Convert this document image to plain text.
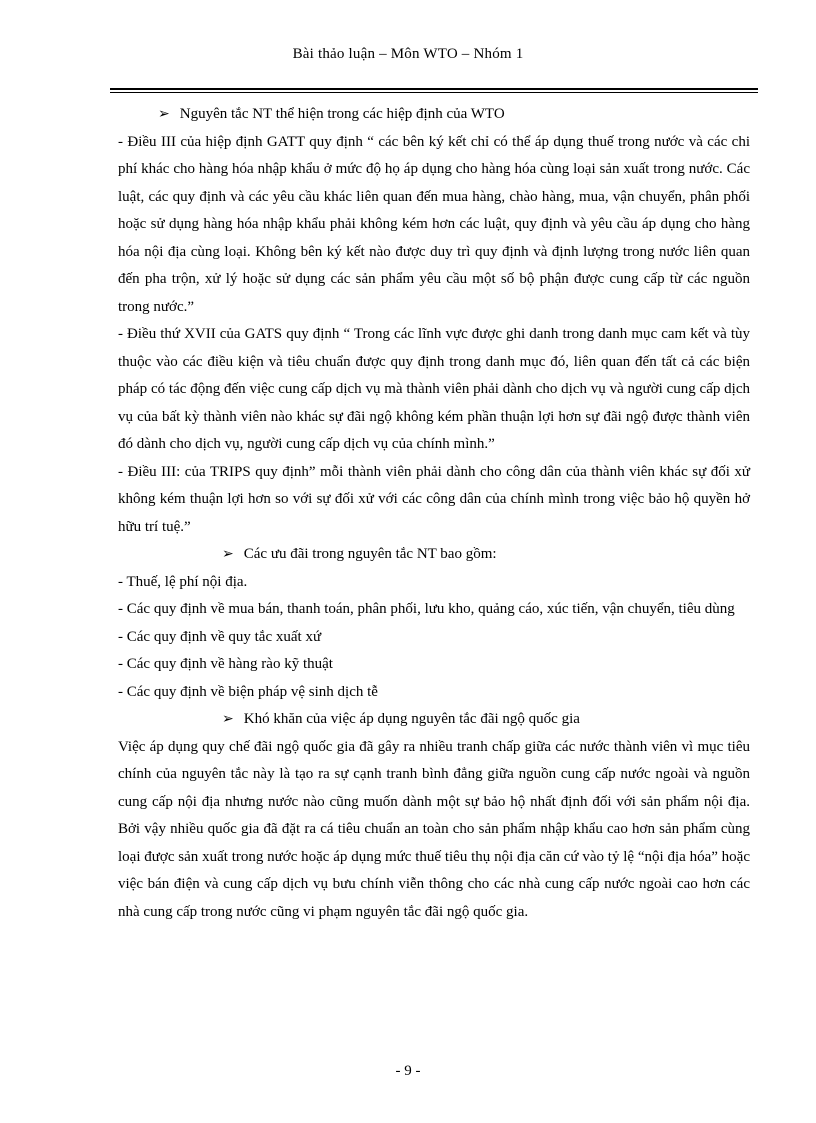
Bài thảo luận – Môn WTO – Nhóm 1

➢ Nguyên tắc NT thể hiện trong các hiệp định của WTO

- Điều III của hiệp định GATT quy định “ các bên ký kết chỉ có thể áp dụng thuế trong nước và các chi phí khác cho hàng hóa nhập khẩu ở mức độ họ áp dụng cho hàng hóa cùng loại sản xuất trong nước. Các luật, các quy định và các yêu cầu khác liên quan đến mua hàng, chào hàng, mua, vận chuyển, phân phối hoặc sử dụng hàng hóa nhập khẩu phải không kém hơn các luật, quy định và yêu cầu áp dụng cho hàng hóa nội địa cùng loại. Không bên ký kết nào được duy trì quy định và định lượng trong nước liên quan đến pha trộn, xử lý hoặc sử dụng các sản phẩm yêu cầu một số bộ phận được cung cấp từ các nguồn trong nước.”

- Điều thứ XVII của GATS quy định “ Trong các lĩnh vực được ghi danh trong danh mục cam kết và tùy thuộc vào các điều kiện và tiêu chuẩn được quy định trong danh mục đó, liên quan đến tất cả các biện pháp có tác động đến việc cung cấp dịch vụ mà thành viên phải dành cho dịch vụ và người cung cấp dịch vụ của bất kỳ thành viên nào khác sự đãi ngộ không kém phần thuận lợi hơn sự đãi ngộ được thành viên đó dành cho dịch vụ, người cung cấp dịch vụ của chính mình.”

- Điều III: của TRIPS quy định” mỗi thành viên phải dành cho công dân của thành viên khác sự đối xử không kém thuận lợi hơn so với sự đối xử với các công dân của chính mình trong việc bảo hộ quyền hở hữu trí tuệ.”

➢ Các ưu đãi trong nguyên tắc NT bao gồm:

- Thuế, lệ phí nội địa.

- Các quy định về mua bán, thanh toán, phân phối, lưu kho, quảng cáo, xúc tiến, vận chuyển, tiêu dùng

- Các quy định về quy tắc xuất xứ

- Các quy định về hàng rào kỹ thuật

- Các quy định về biện pháp vệ sinh dịch tễ

➢ Khó khăn của việc áp dụng nguyên tắc đãi ngộ quốc gia

Việc áp dụng quy chế đãi ngộ quốc gia đã gây ra nhiều tranh chấp giữa các nước thành viên vì mục tiêu chính của nguyên tắc này là tạo ra sự cạnh tranh bình đẳng giữa nguồn cung cấp nước ngoài và nguồn cung cấp nội địa nhưng nước nào cũng muốn dành một sự bảo hộ nhất định đối với sản phẩm nội địa. Bởi vậy nhiều quốc gia đã đặt ra cá tiêu chuẩn an toàn cho sản phẩm nhập khẩu cao hơn sản phẩm cùng loại được sản xuất trong nước hoặc áp dụng mức thuế tiêu thụ nội địa căn cứ vào tỷ lệ “nội địa hóa” hoặc việc bán điện và cung cấp dịch vụ bưu chính viễn thông cho các nhà cung cấp nước ngoài cao hơn các nhà cung cấp trong nước cũng vi phạm nguyên tắc đãi ngộ quốc gia.

- 9 -
